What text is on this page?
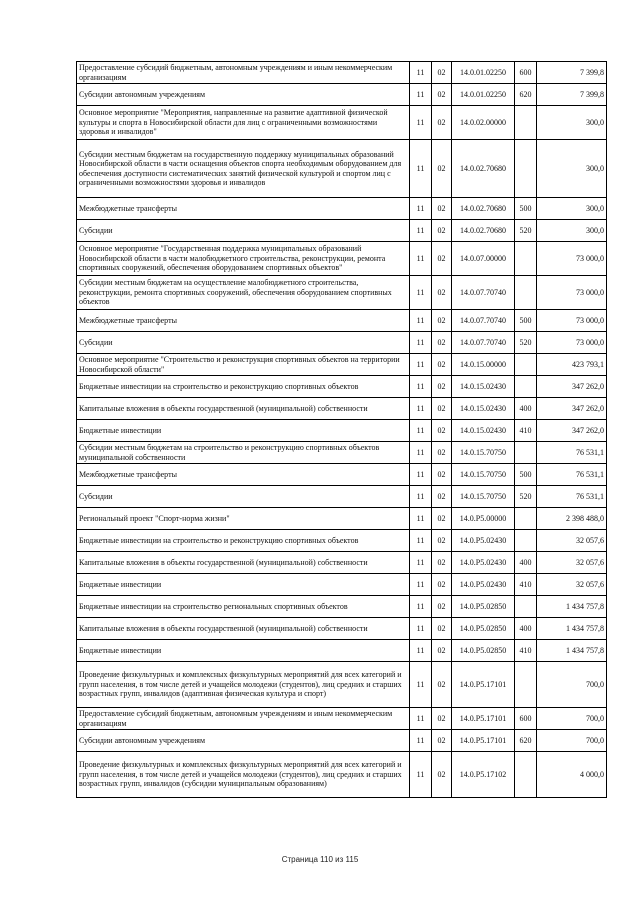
Предоставление субсидий бюджетным, автономным учреждениям и иным некоммерческим организациям	11	02	14.0.01.02250	600	7 399,8
Субсидии автономным учреждениям	11	02	14.0.01.02250	620	7 399,8
Основное мероприятие "Мероприятия, направленные на развитие адаптивной физической культуры и спорта в Новосибирской области для лиц с ограниченными возможностями здоровья и инвалидов"	11	02	14.0.02.00000		300,0
Субсидии местным бюджетам на государственную поддержку муниципальных образований Новосибирской области в части оснащения объектов спорта необходимым оборудованием для обеспечения доступности систематических занятий физической культурой и спортом лиц с ограниченными возможностями здоровья и инвалидов	11	02	14.0.02.70680		300,0
Межбюджетные трансферты	11	02	14.0.02.70680	500	300,0
Субсидии	11	02	14.0.02.70680	520	300,0
Основное мероприятие "Государственная поддержка муниципальных образований Новосибирской области в части малобюджетного строительства, реконструкции, ремонта спортивных сооружений, обеспечения оборудованием спортивных объектов"	11	02	14.0.07.00000		73 000,0
Субсидии местным бюджетам на осуществление малобюджетного строительства, реконструкции, ремонта спортивных сооружений, обеспечения оборудованием спортивных объектов	11	02	14.0.07.70740		73 000,0
Межбюджетные трансферты	11	02	14.0.07.70740	500	73 000,0
Субсидии	11	02	14.0.07.70740	520	73 000,0
Основное мероприятие "Строительство и реконструкция спортивных объектов на территории Новосибирской области"	11	02	14.0.15.00000		423 793,1
Бюджетные инвестиции на строительство и реконструкцию спортивных объектов	11	02	14.0.15.02430		347 262,0
Капитальные вложения в объекты государственной (муниципальной) собственности	11	02	14.0.15.02430	400	347 262,0
Бюджетные инвестиции	11	02	14.0.15.02430	410	347 262,0
Субсидии местным бюджетам на строительство и реконструкцию спортивных объектов муниципальной собственности	11	02	14.0.15.70750		76 531,1
Межбюджетные трансферты	11	02	14.0.15.70750	500	76 531,1
Субсидии	11	02	14.0.15.70750	520	76 531,1
Региональный проект "Спорт-норма жизни"	11	02	14.0.P5.00000		2 398 488,0
Бюджетные инвестиции на строительство и реконструкцию спортивных объектов	11	02	14.0.P5.02430		32 057,6
Капитальные вложения в объекты государственной (муниципальной) собственности	11	02	14.0.P5.02430	400	32 057,6
Бюджетные инвестиции	11	02	14.0.P5.02430	410	32 057,6
Бюджетные инвестиции на строительство региональных спортивных объектов	11	02	14.0.P5.02850		1 434 757,8
Капитальные вложения в объекты государственной (муниципальной) собственности	11	02	14.0.P5.02850	400	1 434 757,8
Бюджетные инвестиции	11	02	14.0.P5.02850	410	1 434 757,8
Проведение физкультурных и комплексных физкультурных мероприятий для всех категорий и групп населения, в том числе детей и учащейся молодежи (студентов), лиц средних и старших возрастных групп, инвалидов (адаптивная физическая культура и спорт)	11	02	14.0.P5.17101		700,0
Предоставление субсидий бюджетным, автономным учреждениям и иным некоммерческим организациям	11	02	14.0.P5.17101	600	700,0
Субсидии автономным учреждениям	11	02	14.0.P5.17101	620	700,0
Проведение физкультурных и комплексных физкультурных мероприятий для всех категорий и групп населения, в том числе детей и учащейся молодежи (студентов), лиц средних и старших возрастных групп, инвалидов (субсидии муниципальным образованиям)	11	02	14.0.P5.17102		4 000,0
Страница 110 из 115
